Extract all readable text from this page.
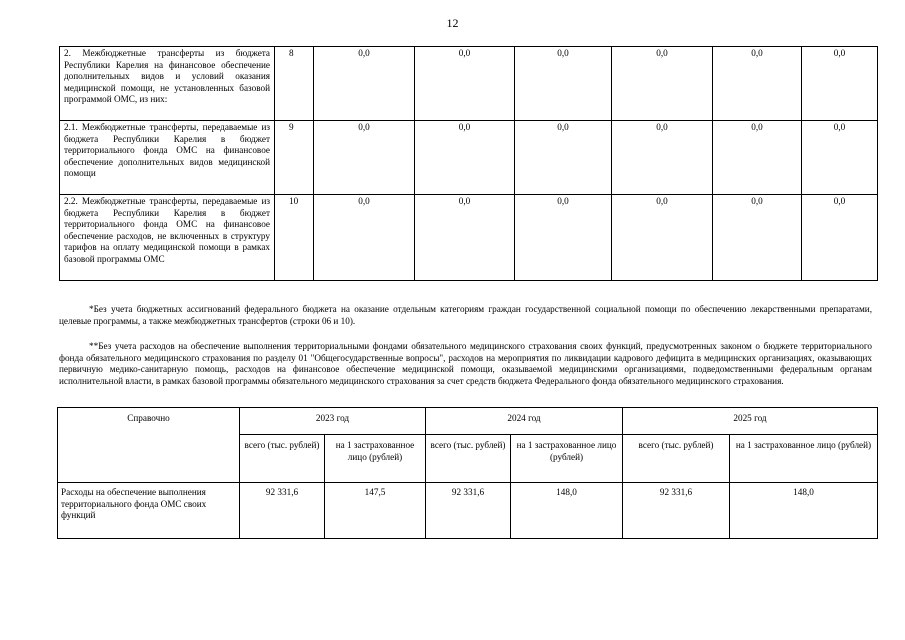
12
2. Межбюджетные трансферты из бюджета Республики Карелия на финансовое обеспечение дополнительных видов и условий оказания медицинской помощи, не установленных базовой программой ОМС, из них:	8	0,0	0,0	0,0	0,0	0,0	0,0
2.1. Межбюджетные трансферты, передаваемые из бюджета Республики Карелия в бюджет территориального фонда ОМС на финансовое обеспечение дополнительных видов медицинской помощи	9	0,0	0,0	0,0	0,0	0,0	0,0
2.2. Межбюджетные трансферты, передаваемые из бюджета Республики Карелия в бюджет территориального фонда ОМС на финансовое обеспечение расходов, не включенных в структуру тарифов на оплату медицинской помощи в рамках базовой программы ОМС	10	0,0	0,0	0,0	0,0	0,0	0,0

*Без учета бюджетных ассигнований федерального бюджета на оказание отдельным категориям граждан государственной социальной помощи по обеспечению лекарственными препаратами, целевые программы, а также межбюджетных трансфертов (строки 06 и 10).

**Без учета расходов на обеспечение выполнения территориальными фондами обязательного медицинского страхования своих функций, предусмотренных законом о бюджете территориального фонда обязательного медицинского страхования по разделу 01 "Общегосударственные вопросы", расходов на мероприятия по ликвидации кадрового дефицита в медицинских организациях, оказывающих первичную медико-санитарную помощь, расходов на финансовое обеспечение медицинской помощи, оказываемой медицинскими организациями, подведомственными федеральным органам исполнительной власти, в рамках базовой программы обязательного медицинского страхования за счет средств бюджета Федерального фонда обязательного медицинского страхования.

Справочно	2023 год		2024 год		2025 год	
	всего (тыс. рублей)	на 1 застрахованное лицо (рублей)	всего (тыс. рублей)	на 1 застрахованное лицо (рублей)	всего (тыс. рублей)	на 1 застрахованное лицо (рублей)
Расходы на обеспечение выполнения территориального фонда ОМС своих функций	92 331,6	147,5	92 331,6	148,0	92 331,6	148,0
